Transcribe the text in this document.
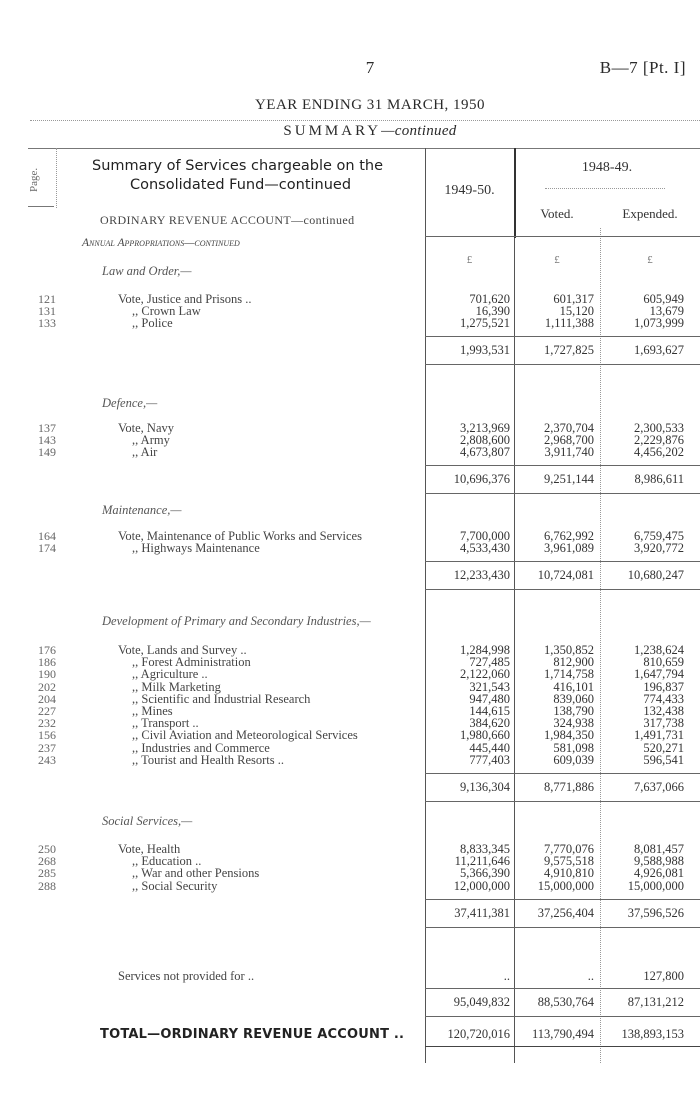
7	B—7 [Pt. I]
YEAR ENDING 31 MARCH, 1950
SUMMARY—continued
Page.
Summary of Services chargeable on the
Consolidated Fund—continued	1949-50.
1948-49.
Voted.	Expended.
£	£	£
ORDINARY REVENUE ACCOUNT—continued
Annual Appropriations—continued
Law and Order,—
121	Vote, Justice and Prisons ..	701,620	601,317	605,949
131	,, Crown Law	16,390	15,120	13,679
133	,, Police	1,275,521	1,111,388	1,073,999
1,993,531	1,727,825	1,693,627
Defence,—
137	Vote, Navy	3,213,969	2,370,704	2,300,533
143	,, Army	2,808,600	2,968,700	2,229,876
149	,, Air	4,673,807	3,911,740	4,456,202
10,696,376	9,251,144	8,986,611
Maintenance,—
164	Vote, Maintenance of Public Works and Services	7,700,000	6,762,992	6,759,475
174	,, Highways Maintenance	4,533,430	3,961,089	3,920,772
12,233,430 10,724,081	10,680,247
Development of Primary and Secondary Industries,—
176	Vote, Lands and Survey ..	1,284,998	1,350,852	1,238,624
186	,, Forest Administration	727,485	812,900	810,659
190	,, Agriculture ..	2,122,060	1,714,758	1,647,794
202	,, Milk Marketing	321,543	416,101	196,837
204	,, Scientific and Industrial Research	947,480	839,060	774,433
227	,, Mines	144,615	138,790	132,438
232	,, Transport ..	384,620	324,938	317,738
156	,, Civil Aviation and Meteorological Services	1,980,660	1,984,350	1,491,731
237	,, Industries and Commerce	445,440	581,098	520,271
243	,, Tourist and Health Resorts ..	777,403	609,039	596,541
9,136,304	8,771,886	7,637,066
Social Services,—
250	Vote, Health	8,833,345	7,770,076	8,081,457
268	,, Education ..	11,211,646	9,575,518	9,588,988
285	,, War and other Pensions	5,366,390	4,910,810	4,926,081
288	,, Social Security	12,000,000 15,000,000	15,000,000
37,411,381 37,256,404	37,596,526
Services not provided for ..	..	..	127,800
95,049,832 88,530,764	87,131,212
TOTAL—ORDINARY REVENUE ACCOUNT ..	120,720,016 113,790,494 138,893,153
